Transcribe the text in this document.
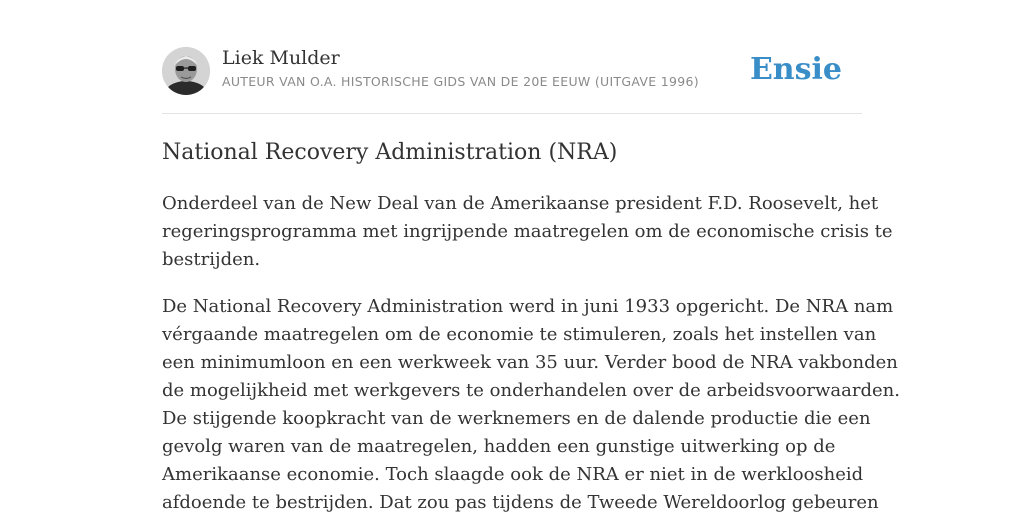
Liek Mulder
AUTEUR VAN O.A. HISTORISCHE GIDS VAN DE 20E EEUW (UITGAVE 1996) Ensie
National Recovery Administration (NRA)

Onderdeel van de New Deal van de Amerikaanse president F.D. Roosevelt, het
regeringsprogramma met ingrijpende maatregelen om de economische crisis te
bestrijden.

De National Recovery Administration werd in juni 1933 opgericht. De NRA nam
vérgaande maatregelen om de economie te stimuleren, zoals het instellen van
een minimumloon en een werkweek van 35 uur. Verder bood de NRA vakbonden
de mogelijkheid met werkgevers te onderhandelen over de arbeidsvoorwaarden.
De stijgende koopkracht van de werknemers en de dalende productie die een
gevolg waren van de maatregelen, hadden een gunstige uitwerking op de
Amerikaanse economie. Toch slaagde ook de NRA er niet in de werkloosheid
afdoende te bestrijden. Dat zou pas tijdens de Tweede Wereldoorlog gebeuren
